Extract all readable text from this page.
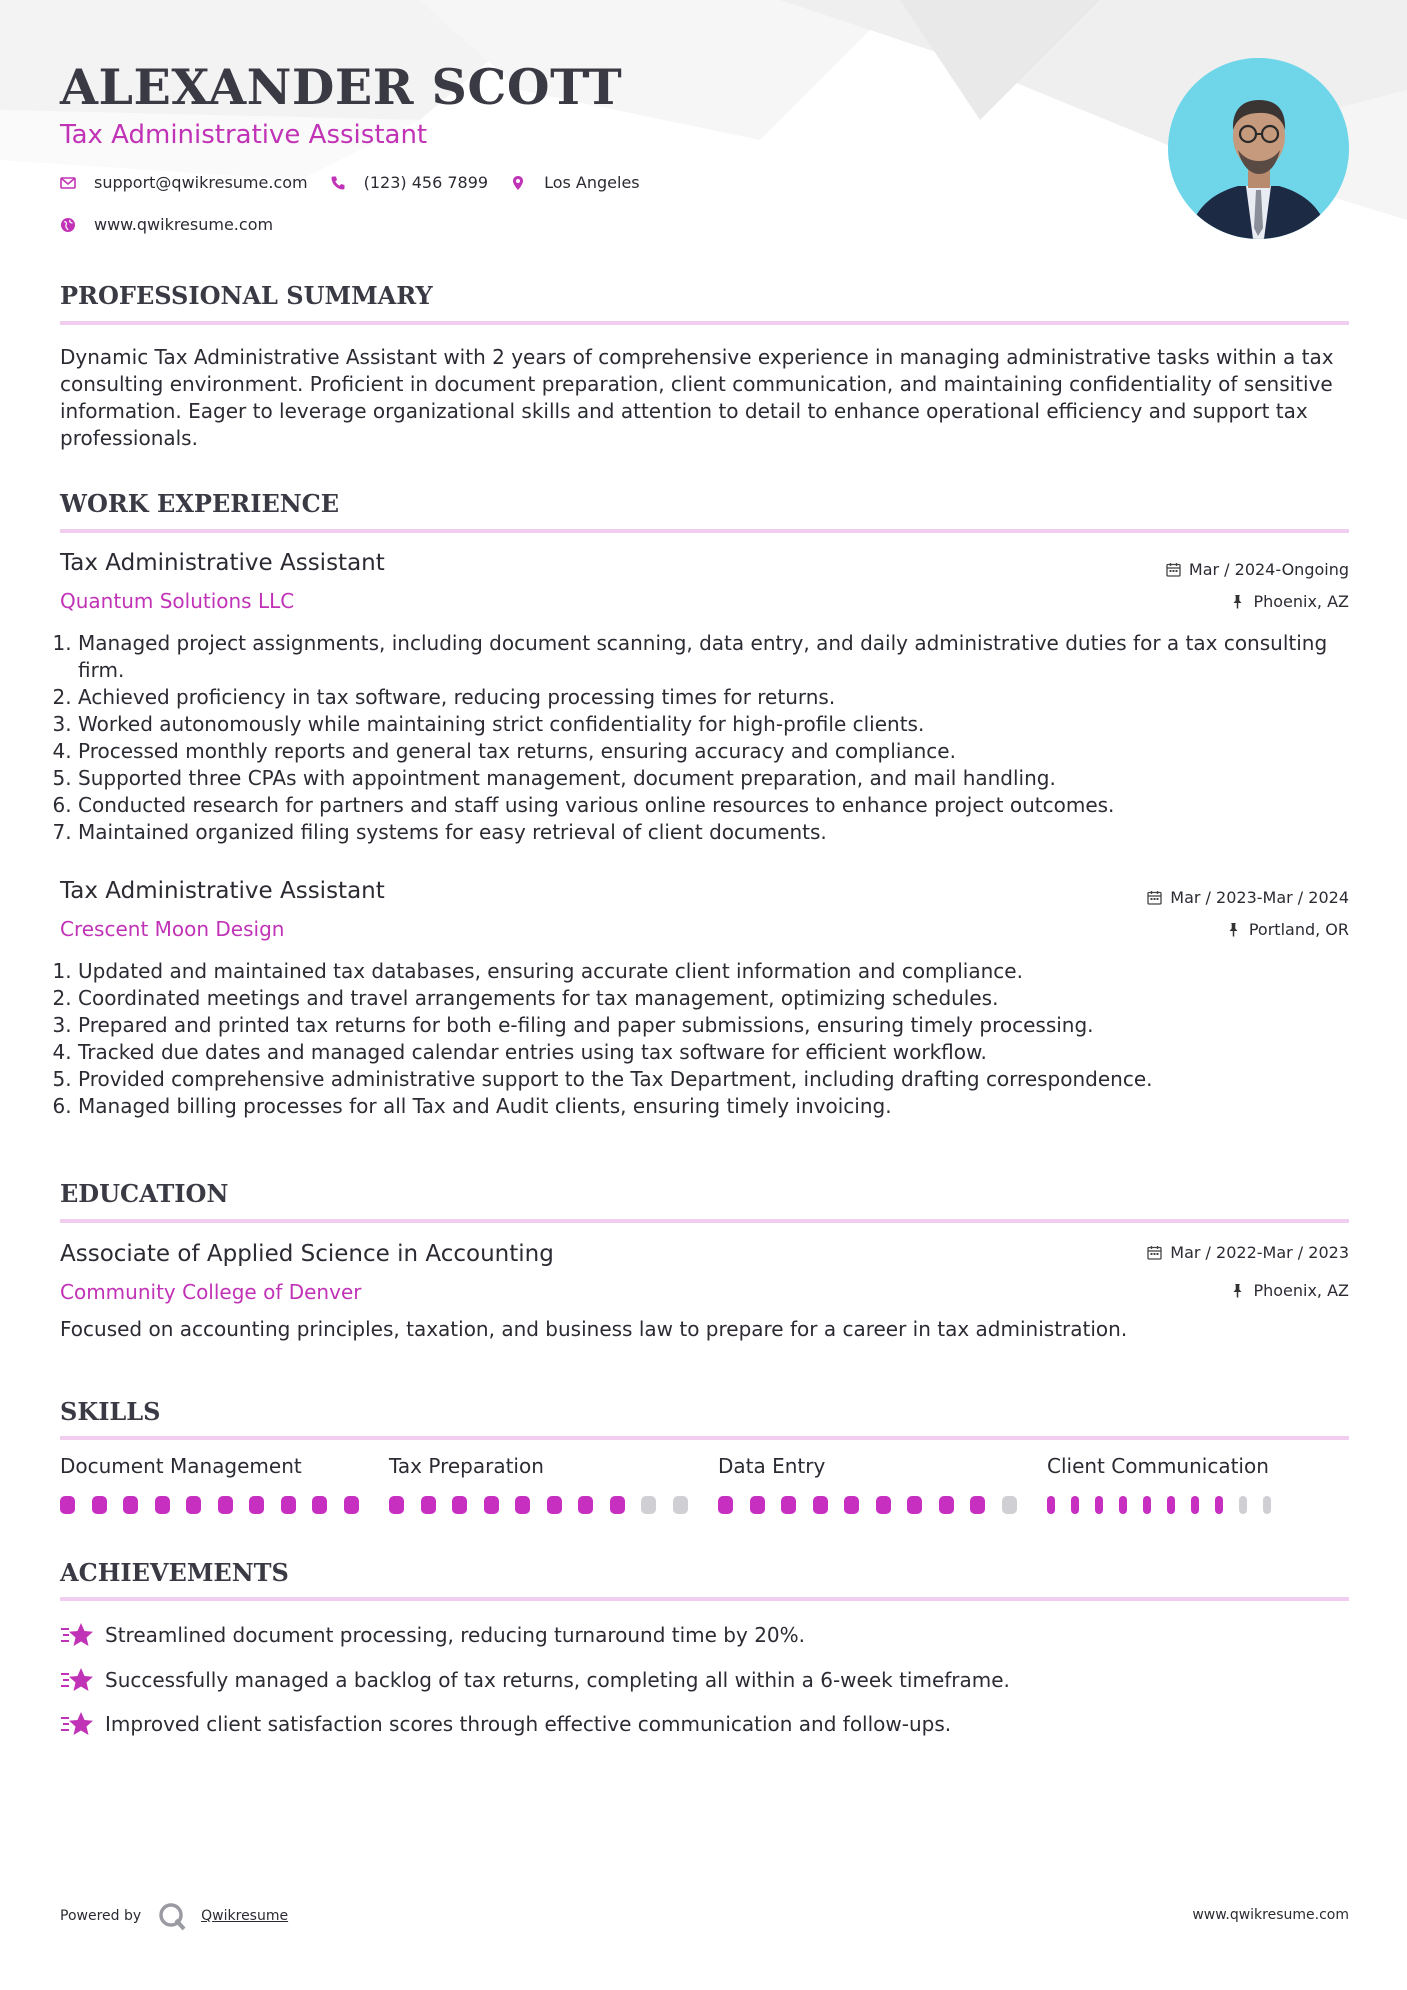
ALEXANDER SCOTT
Tax Administrative Assistant
support@qwikresume.com	(123) 456 7899	Los Angeles
www.qwikresume.com
PROFESSIONAL SUMMARY
Dynamic Tax Administrative Assistant with 2 years of comprehensive experience in managing administrative tasks within a tax consulting environment. Proficient in document preparation, client communication, and maintaining confidentiality of sensitive information. Eager to leverage organizational skills and attention to detail to enhance operational efficiency and support tax professionals.
WORK EXPERIENCE
Tax Administrative Assistant	Mar / 2024-Ongoing
Quantum Solutions LLC	Phoenix, AZ
1. Managed project assignments, including document scanning, data entry, and daily administrative duties for a tax consulting firm.
2. Achieved proficiency in tax software, reducing processing times for returns.
3. Worked autonomously while maintaining strict confidentiality for high-profile clients.
4. Processed monthly reports and general tax returns, ensuring accuracy and compliance.
5. Supported three CPAs with appointment management, document preparation, and mail handling.
6. Conducted research for partners and staff using various online resources to enhance project outcomes.
7. Maintained organized filing systems for easy retrieval of client documents.
Tax Administrative Assistant	Mar / 2023-Mar / 2024
Crescent Moon Design	Portland, OR
1. Updated and maintained tax databases, ensuring accurate client information and compliance.
2. Coordinated meetings and travel arrangements for tax management, optimizing schedules.
3. Prepared and printed tax returns for both e-filing and paper submissions, ensuring timely processing.
4. Tracked due dates and managed calendar entries using tax software for efficient workflow.
5. Provided comprehensive administrative support to the Tax Department, including drafting correspondence.
6. Managed billing processes for all Tax and Audit clients, ensuring timely invoicing.
EDUCATION
Associate of Applied Science in Accounting	Mar / 2022-Mar / 2023
Community College of Denver	Phoenix, AZ
Focused on accounting principles, taxation, and business law to prepare for a career in tax administration.
SKILLS
Document Management	Tax Preparation	Data Entry	Client Communication
ACHIEVEMENTS
Streamlined document processing, reducing turnaround time by 20%.
Successfully managed a backlog of tax returns, completing all within a 6-week timeframe.
Improved client satisfaction scores through effective communication and follow-ups.
Powered by	Qwikresume	www.qwikresume.com
